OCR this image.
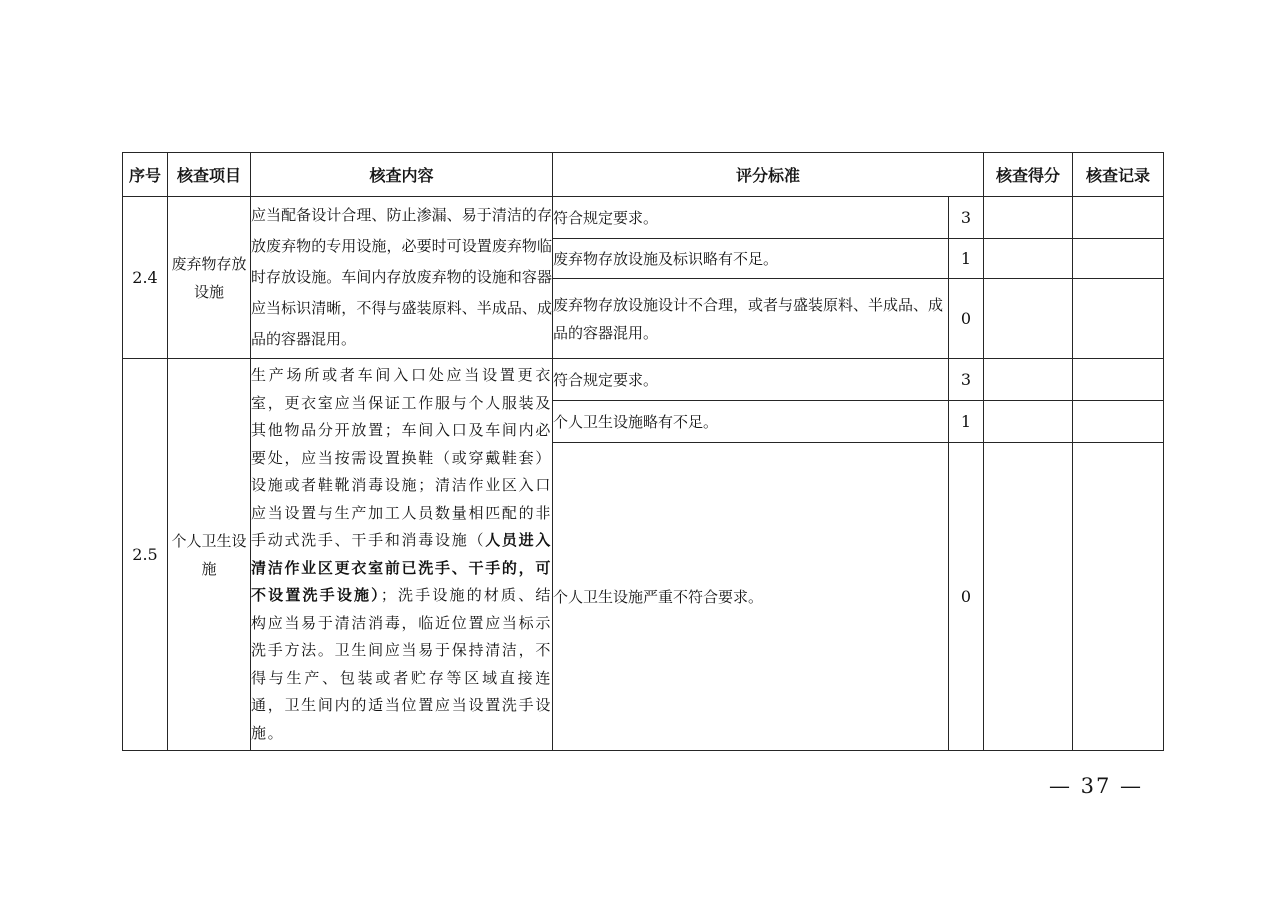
序号	核查项目	核查内容	评分标准		核查得分	核查记录
2.4	废弃物存放设施	应当配备设计合理、防止渗漏、易于清洁的存放废弃物的专用设施，必要时可设置废弃物临时存放设施。车间内存放废弃物的设施和容器应当标识清晰，不得与盛装原料、半成品、成品的容器混用。	符合规定要求。	3		
			废弃物存放设施及标识略有不足。	1		
			废弃物存放设施设计不合理，或者与盛装原料、半成品、成品的容器混用。	0		
2.5	个人卫生设施	生产场所或者车间入口处应当设置更衣室，更衣室应当保证工作服与个人服装及其他物品分开放置；车间入口及车间内必要处，应当按需设置换鞋（或穿戴鞋套）设施或者鞋靴消毒设施；清洁作业区入口应当设置与生产加工人员数量相匹配的非手动式洗手、干手和消毒设施（人员进入清洁作业区更衣室前已洗手、干手的，可不设置洗手设施）；洗手设施的材质、结构应当易于清洁消毒，临近位置应当标示洗手方法。卫生间应当易于保持清洁，不得与生产、包装或者贮存等区域直接连通，卫生间内的适当位置应当设置洗手设施。	符合规定要求。	3		
			个人卫生设施略有不足。	1		
			个人卫生设施严重不符合要求。	0		
— 37 —
